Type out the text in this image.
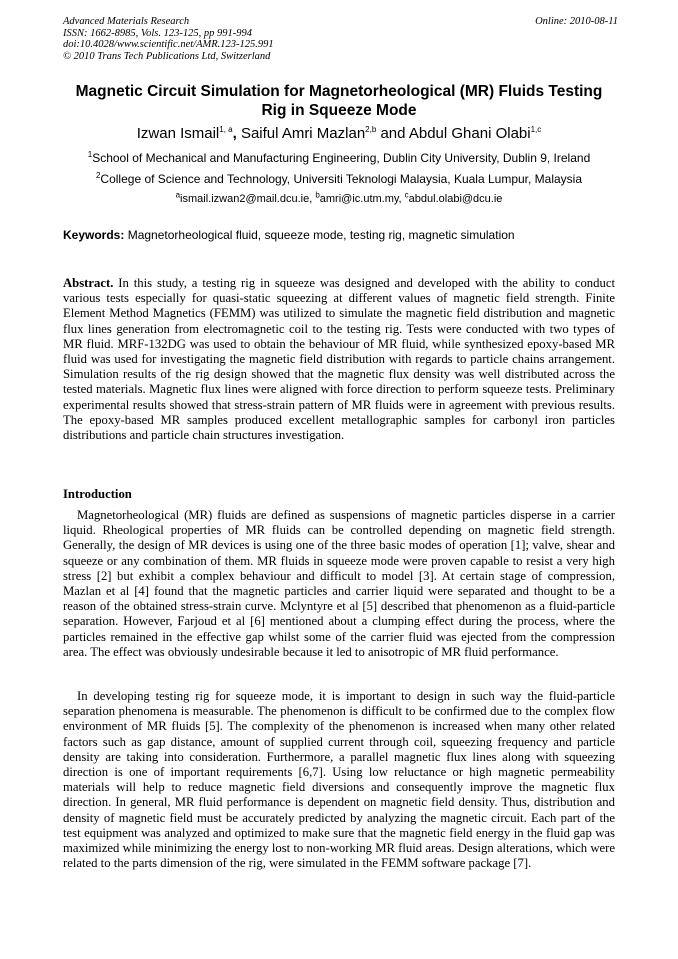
Advanced Materials Research
ISSN: 1662-8985, Vols. 123-125, pp 991-994
doi:10.4028/www.scientific.net/AMR.123-125.991
© 2010 Trans Tech Publications Ltd, Switzerland
Online: 2010-08-11
Magnetic Circuit Simulation for Magnetorheological (MR) Fluids Testing
Rig in Squeeze Mode
Izwan Ismail$^{1, a}$, Saiful Amri Mazlan$^{2,b}$ and Abdul Ghani Olabi$^{1,c}$
$^1$School of Mechanical and Manufacturing Engineering, Dublin City University, Dublin 9, Ireland
$^2$College of Science and Technology, Universiti Teknologi Malaysia, Kuala Lumpur, Malaysia
$^a$ismail.izwan2@mail.dcu.ie, $^b$amri@ic.utm.my, $^c$abdul.olabi@dcu.ie
Keywords: Magnetorheological fluid, squeeze mode, testing rig, magnetic simulation
Abstract. In this study, a testing rig in squeeze was designed and developed with the ability to conduct various tests especially for quasi-static squeezing at different values of magnetic field strength. Finite Element Method Magnetics (FEMM) was utilized to simulate the magnetic field distribution and magnetic flux lines generation from electromagnetic coil to the testing rig. Tests were conducted with two types of MR fluid. MRF-132DG was used to obtain the behaviour of MR fluid, while synthesized epoxy-based MR fluid was used for investigating the magnetic field distribution with regards to particle chains arrangement. Simulation results of the rig design showed that the magnetic flux density was well distributed across the tested materials. Magnetic flux lines were aligned with force direction to perform squeeze tests. Preliminary experimental results showed that stress-strain pattern of MR fluids were in agreement with previous results. The epoxy-based MR samples produced excellent metallographic samples for carbonyl iron particles distributions and particle chain structures investigation.
Introduction
Magnetorheological (MR) fluids are defined as suspensions of magnetic particles disperse in a carrier liquid. Rheological properties of MR fluids can be controlled depending on magnetic field strength. Generally, the design of MR devices is using one of the three basic modes of operation [1]; valve, shear and squeeze or any combination of them. MR fluids in squeeze mode were proven capable to resist a very high stress [2] but exhibit a complex behaviour and difficult to model [3]. At certain stage of compression, Mazlan et al [4] found that the magnetic particles and carrier liquid were separated and thought to be a reason of the obtained stress-strain curve. Mclyntyre et al [5] described that phenomenon as a fluid-particle separation. However, Farjoud et al [6] mentioned about a clumping effect during the process, where the particles remained in the effective gap whilst some of the carrier fluid was ejected from the compression area. The effect was obviously undesirable because it led to anisotropic of MR fluid performance.
In developing testing rig for squeeze mode, it is important to design in such way the fluid-particle separation phenomena is measurable. The phenomenon is difficult to be confirmed due to the complex flow environment of MR fluids [5]. The complexity of the phenomenon is increased when many other related factors such as gap distance, amount of supplied current through coil, squeezing frequency and particle density are taking into consideration. Furthermore, a parallel magnetic flux lines along with squeezing direction is one of important requirements [6,7]. Using low reluctance or high magnetic permeability materials will help to reduce magnetic field diversions and consequently improve the magnetic flux direction. In general, MR fluid performance is dependent on magnetic field density. Thus, distribution and density of magnetic field must be accurately predicted by analyzing the magnetic circuit. Each part of the test equipment was analyzed and optimized to make sure that the magnetic field energy in the fluid gap was maximized while minimizing the energy lost to non-working MR fluid areas. Design alterations, which were related to the parts dimension of the rig, were simulated in the FEMM software package [7].
